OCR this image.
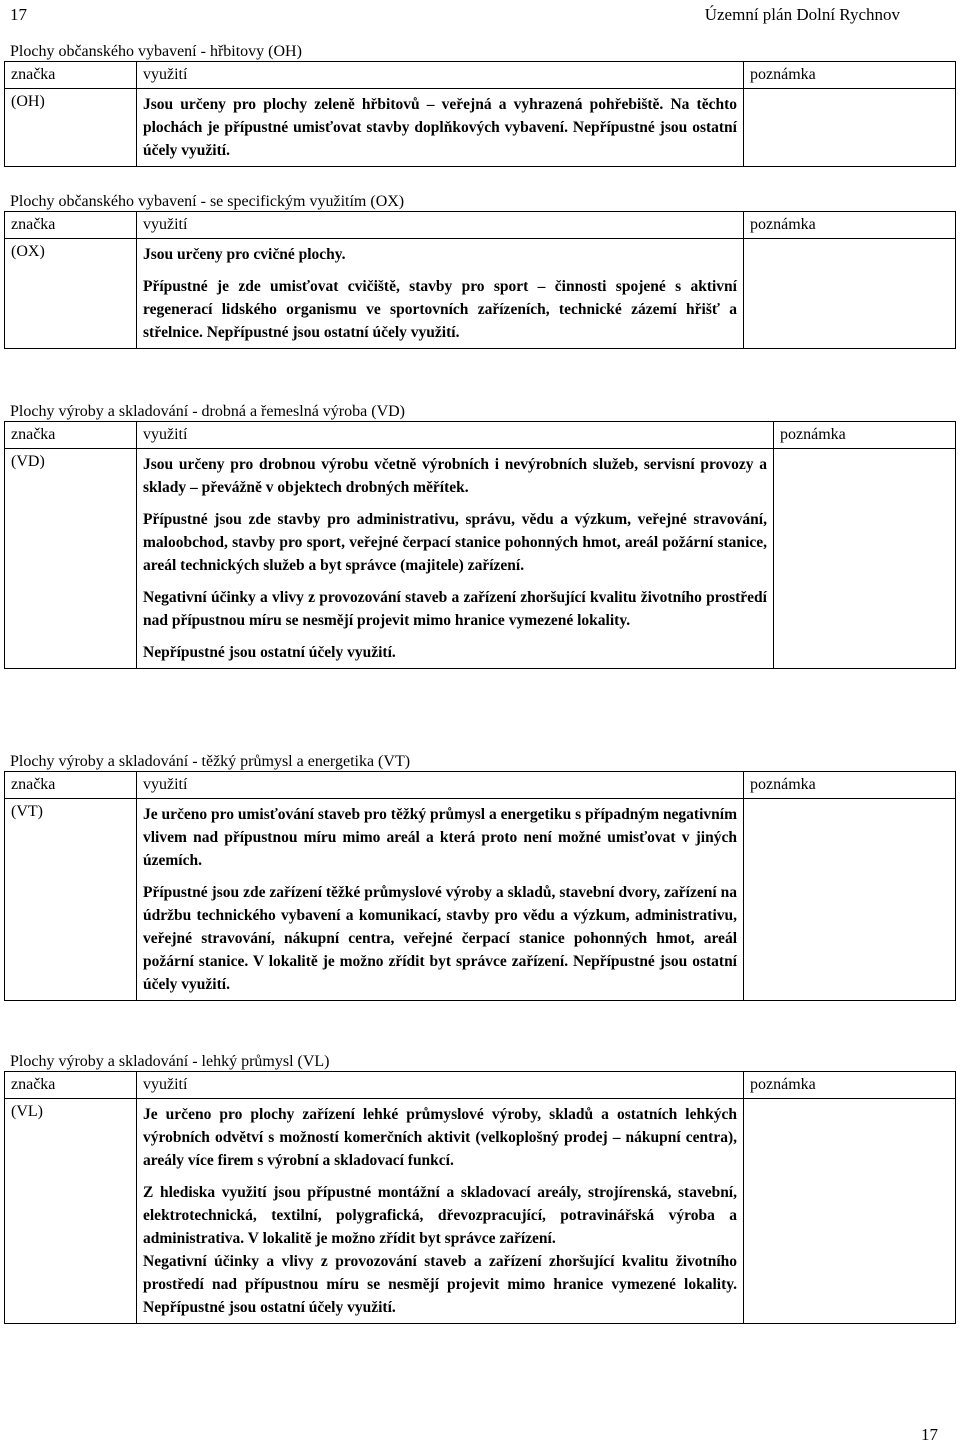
17	Územní plán Dolní Rychnov
Plochy občanského vybavení - hřbitovy (OH)
značka	využití	poznámka
(OH)	Jsou určeny pro plochy zeleně hřbitovů – veřejná a vyhrazená pohřebiště. Na těchto plochách je přípustné umisťovat stavby doplňkových vybavení. Nepřípustné jsou ostatní účely využití.	

Plochy občanského vybavení - se specifickým využitím (OX)
značka	využití	poznámka
(OX)	Jsou určeny pro cvičné plochy.

Přípustné je zde umisťovat cvičiště, stavby pro sport – činnosti spojené s aktivní regenerací lidského organismu ve sportovních zařízeních, technické zázemí hřišť a střelnice. Nepřípustné jsou ostatní účely využití.	

Plochy výroby a skladování - drobná a řemeslná výroba (VD)
značka	využití	poznámka
(VD)	Jsou určeny pro drobnou výrobu včetně výrobních i nevýrobních služeb, servisní provozy a sklady – převážně v objektech drobných měřítek.

Přípustné jsou zde stavby pro administrativu, správu, vědu a výzkum, veřejné stravování, maloobchod, stavby pro sport, veřejné čerpací stanice pohonných hmot, areál požární stanice, areál technických služeb a byt správce (majitele) zařízení.

Negativní účinky a vlivy z provozování staveb a zařízení zhoršující kvalitu životního prostředí nad přípustnou míru se nesmějí projevit mimo hranice vymezené lokality.

Nepřípustné jsou ostatní účely využití.	

Plochy výroby a skladování - těžký průmysl a energetika (VT)
značka	využití	poznámka
(VT)	Je určeno pro umisťování staveb pro těžký průmysl a energetiku s případným negativním vlivem nad přípustnou míru mimo areál a která proto není možné umisťovat v jiných územích.

Přípustné jsou zde zařízení těžké průmyslové výroby a skladů, stavební dvory, zařízení na údržbu technického vybavení a komunikací, stavby pro vědu a výzkum, administrativu, veřejné stravování, nákupní centra, veřejné čerpací stanice pohonných hmot, areál požární stanice. V lokalitě je možno zřídit byt správce zařízení. Nepřípustné jsou ostatní účely využití.	

Plochy výroby a skladování - lehký průmysl (VL)
značka	využití	poznámka
(VL)	Je určeno pro plochy zařízení lehké průmyslové výroby, skladů a ostatních lehkých výrobních odvětví s možností komerčních aktivit (velkoplošný prodej – nákupní centra), areály více firem s výrobní a skladovací funkcí.

Z hlediska využití jsou přípustné montážní a skladovací areály, strojírenská, stavební, elektrotechnická, textilní, polygrafická, dřevozpracující, potravinářská výroba a administrativa. V lokalitě je možno zřídit byt správce zařízení.

Negativní účinky a vlivy z provozování staveb a zařízení zhoršující kvalitu životního prostředí nad přípustnou míru se nesmějí projevit mimo hranice vymezené lokality. Nepřípustné jsou ostatní účely využití.	

17
